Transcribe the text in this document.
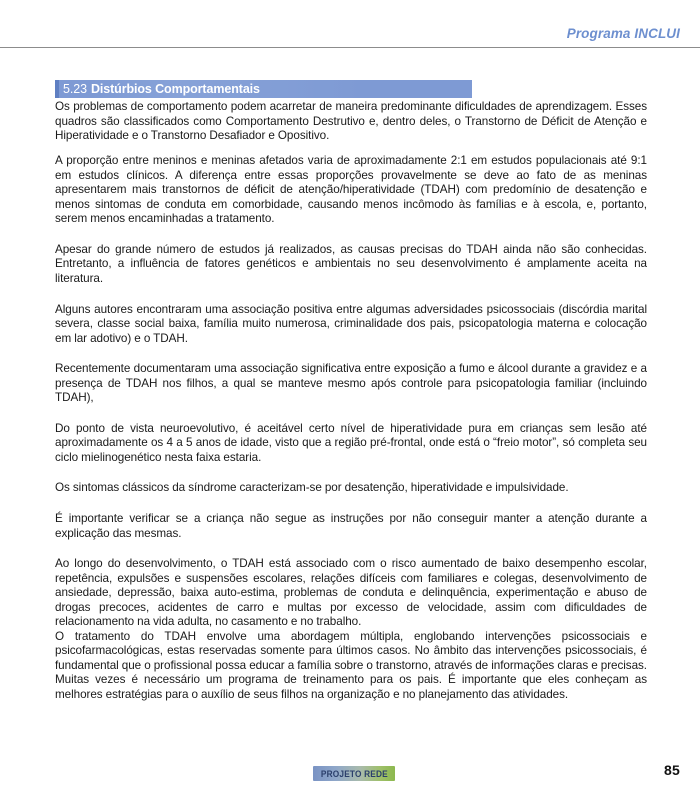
Programa INCLUI
5.23 Distúrbios Comportamentais

Os problemas de comportamento podem acarretar de maneira predominante dificuldades de aprendizagem. Esses quadros são classificados como Comportamento Destrutivo e, dentro deles, o Transtorno de Déficit de Atenção e Hiperatividade e o Transtorno Desafiador e Opositivo.

A proporção entre meninos e meninas afetados varia de aproximadamente 2:1 em estudos populacionais até 9:1 em estudos clínicos. A diferença entre essas proporções provavelmente se deve ao fato de as meninas apresentarem mais transtornos de déficit de atenção/hiperatividade (TDAH) com predomínio de desatenção e menos sintomas de conduta em comorbidade, causando menos incômodo às famílias e à escola, e, portanto, serem menos encaminhadas a tratamento.

Apesar do grande número de estudos já realizados, as causas precisas do TDAH ainda não são conhecidas. Entretanto, a influência de fatores genéticos e ambientais no seu desenvolvimento é amplamente aceita na literatura.

Alguns autores encontraram uma associação positiva entre algumas adversidades psicossociais (discórdia marital severa, classe social baixa, família muito numerosa, criminalidade dos pais, psicopatologia materna e colocação em lar adotivo) e o TDAH.

Recentemente documentaram uma associação significativa entre exposição a fumo e álcool durante a gravidez e a presença de TDAH nos filhos, a qual se manteve mesmo após controle para psicopatologia familiar (incluindo TDAH),

Do ponto de vista neuroevolutivo, é aceitável certo nível de hiperatividade pura em crianças sem lesão até aproximadamente os 4 a 5 anos de idade, visto que a região pré-frontal, onde está o “freio motor”, só completa seu ciclo mielinogenético nesta faixa estaria.

Os sintomas clássicos da síndrome caracterizam-se por desatenção, hiperatividade e impulsividade.

É importante verificar se a criança não segue as instruções por não conseguir manter a atenção durante a explicação das mesmas.

Ao longo do desenvolvimento, o TDAH está associado com o risco aumentado de baixo desempenho escolar, repetência, expulsões e suspensões escolares, relações difíceis com familiares e colegas, desenvolvimento de ansiedade, depressão, baixa auto-estima, problemas de conduta e delinquência, experimentação e abuso de drogas precoces, acidentes de carro e multas por excesso de velocidade, assim com dificuldades de relacionamento na vida adulta, no casamento e no trabalho.

O tratamento do TDAH envolve uma abordagem múltipla, englobando intervenções psicossociais e psicofarmacológicas, estas reservadas somente para últimos casos. No âmbito das intervenções psicossociais, é fundamental que o profissional possa educar a família sobre o transtorno, através de informações claras e precisas. Muitas vezes é necessário um programa de treinamento para os pais. É importante que eles conheçam as melhores estratégias para o auxílio de seus filhos na organização e no planejamento das atividades.

PROJETO REDE	85
